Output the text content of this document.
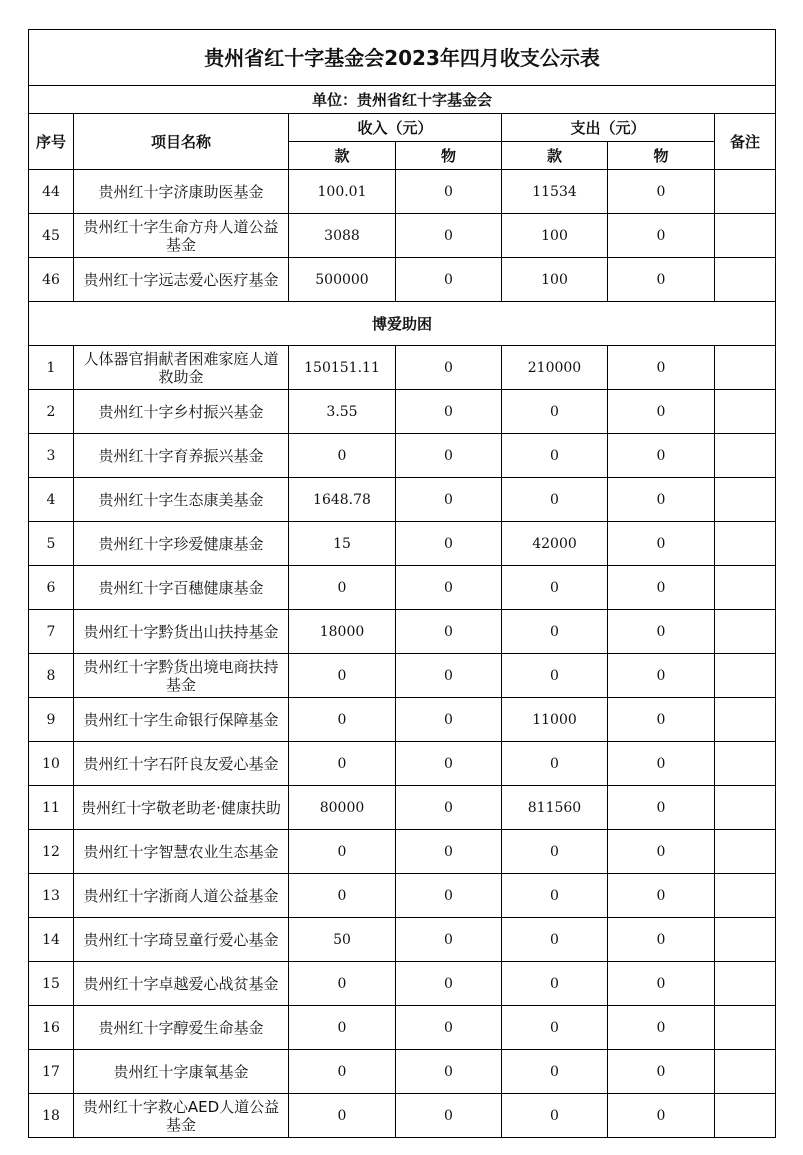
贵州省红十字基金会2023年四月收支公示表						
单位：贵州省红十字基金会						
序号	项目名称	收入（元）		支出（元）		备注
		款	物	款	物	
44	贵州红十字济康助医基金	100.01	0	11534	0	
45	贵州红十字生命方舟人道公益基金	3088	0	100	0	
46	贵州红十字远志爱心医疗基金	500000	0	100	0	
博爱助困						
1	人体器官捐献者困难家庭人道救助金	150151.11	0	210000	0	
2	贵州红十字乡村振兴基金	3.55	0	0	0	
3	贵州红十字育养振兴基金	0	0	0	0	
4	贵州红十字生态康美基金	1648.78	0	0	0	
5	贵州红十字珍爱健康基金	15	0	42000	0	
6	贵州红十字百穗健康基金	0	0	0	0	
7	贵州红十字黔货出山扶持基金	18000	0	0	0	
8	贵州红十字黔货出境电商扶持基金	0	0	0	0	
9	贵州红十字生命银行保障基金	0	0	11000	0	
10	贵州红十字石阡良友爱心基金	0	0	0	0	
11	贵州红十字敬老助老·健康扶助	80000	0	811560	0	
12	贵州红十字智慧农业生态基金	0	0	0	0	
13	贵州红十字浙商人道公益基金	0	0	0	0	
14	贵州红十字琦昱童行爱心基金	50	0	0	0	
15	贵州红十字卓越爱心战贫基金	0	0	0	0	
16	贵州红十字醇爱生命基金	0	0	0	0	
17	贵州红十字康氧基金	0	0	0	0	
18	贵州红十字救心AED人道公益基金	0	0	0	0	
